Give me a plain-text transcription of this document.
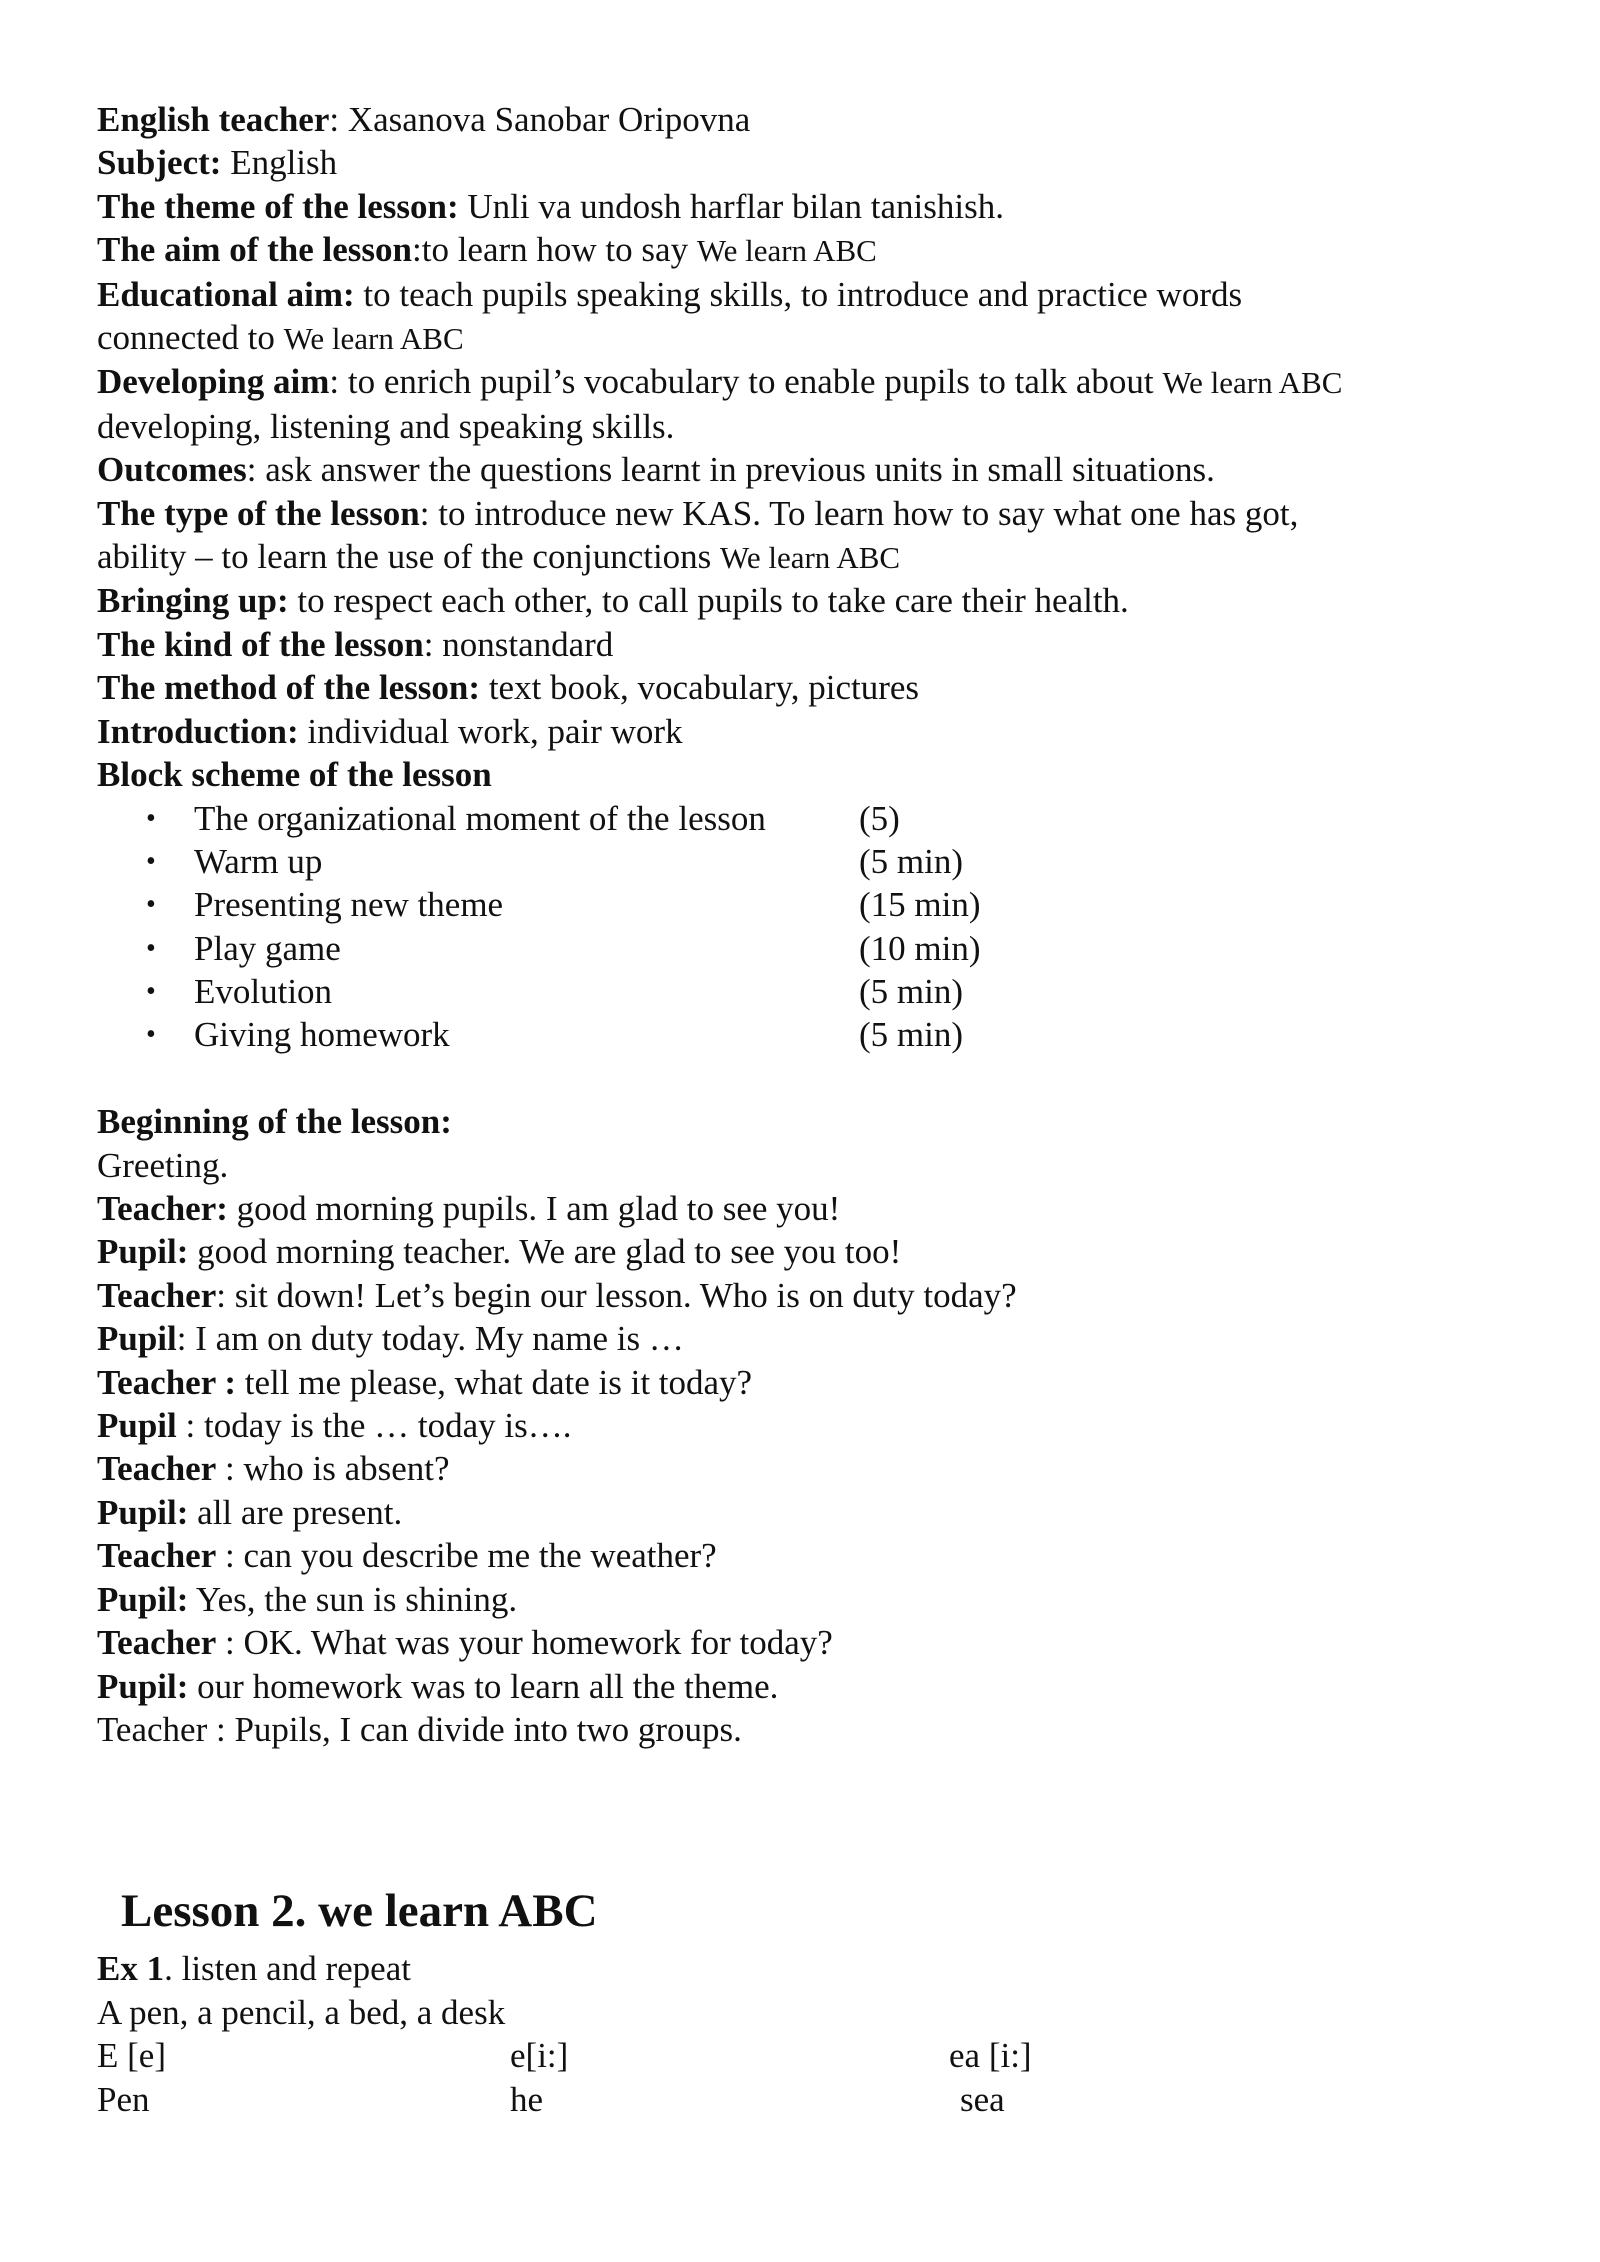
English teacher: Xasanova Sanobar Oripovna
Subject: English
The theme of the lesson: Unli va undosh harflar bilan tanishish.
The aim of the lesson:to learn how to say We learn ABC
Educational aim: to teach pupils speaking skills, to introduce and practice words
connected to We learn ABC
Developing aim: to enrich pupil’s vocabulary to enable pupils to talk about We learn ABC
developing, listening and speaking skills.
Outcomes: ask answer the questions learnt in previous units in small situations.
The type of the lesson: to introduce new KAS. To learn how to say what one has got,
ability – to learn the use of the conjunctions We learn ABC
Bringing up: to respect each other, to call pupils to take care their health.
The kind of the lesson: nonstandard
The method of the lesson: text book, vocabulary, pictures
Introduction: individual work, pair work
Block scheme of the lesson
• The organizational moment of the lesson	(5)
• Warm up	(5 min)
• Presenting new theme	(15 min)
• Play game	(10 min)
• Evolution	(5 min)
• Giving homework	(5 min)
Beginning of the lesson:
Greeting.
Teacher: good morning pupils. I am glad to see you!
Pupil: good morning teacher. We are glad to see you too!
Teacher: sit down! Let’s begin our lesson. Who is on duty today?
Pupil: I am on duty today. My name is …
Teacher : tell me please, what date is it today?
Pupil : today is the … today is….
Teacher : who is absent?
Pupil: all are present.
Teacher : can you describe me the weather?
Pupil: Yes, the sun is shining.
Teacher : OK. What was your homework for today?
Pupil: our homework was to learn all the theme.
Teacher : Pupils, I can divide into two groups.
Lesson 2. we learn ABC
Ex 1. listen and repeat
A pen, a pencil, a bed, a desk
E [e]	e[i:]	ea [i:]
Pen	he	sea
